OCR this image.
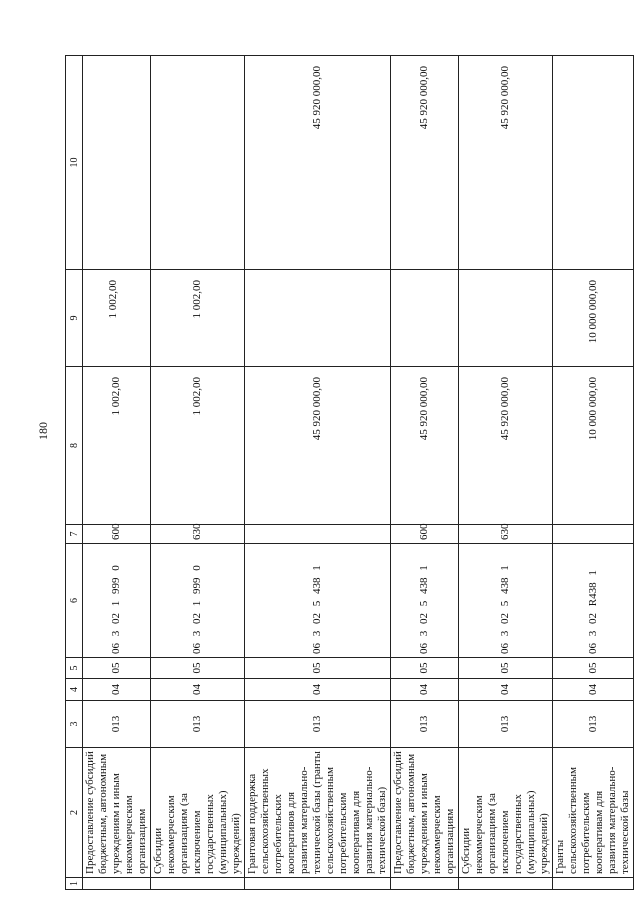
180
1	2	3	4	5	6	7	8	9	10
	Предоставление субсидий бюджетным, автономным учреждениям и иным некоммерческим организациям	013	04	05	06 3 02 1 999 0	600	1 002,00	1 002,00	
	Субсидии некоммерческим организациям (за исключением государственных (муниципальных) учреждений)	013	04	05	06 3 02 1 999 0	630	1 002,00	1 002,00	
	Грантовая поддержка сельскохозяйственных потребительских кооперативов для развития материально-технической базы (гранты сельскохозяйственным потребительским кооперативам для развития материально-технической базы)	013	04	05	06 3 02 5 438 1		45 920 000,00		45 920 000,00
	Предоставление субсидий бюджетным, автономным учреждениям и иным некоммерческим организациям	013	04	05	06 3 02 5 438 1	600	45 920 000,00		45 920 000,00
	Субсидии некоммерческим организациям (за исключением государственных (муниципальных) учреждений)	013	04	05	06 3 02 5 438 1	630	45 920 000,00		45 920 000,00
	Гранты сельскохозяйственным потребительским кооперативам для развития материально-технической базы	013	04	05	06 3 02 R438 1		10 000 000,00	10 000 000,00	
